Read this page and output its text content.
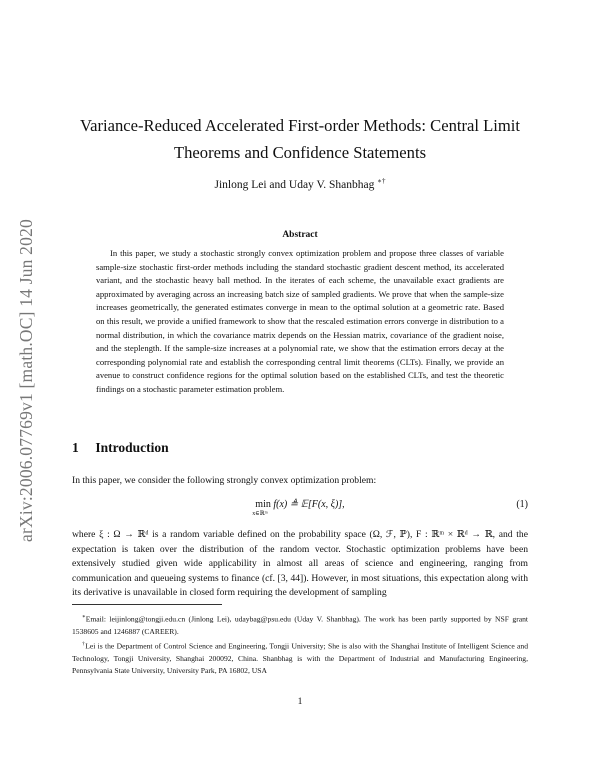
arXiv:2006.07769v1 [math.OC] 14 Jun 2020
Variance-Reduced Accelerated First-order Methods: Central Limit
Theorems and Confidence Statements
Jinlong Lei and Uday V. Shanbhag ∗†
Abstract

In this paper, we study a stochastic strongly convex optimization problem and propose three classes of variable sample-size stochastic first-order methods including the standard stochastic gradient descent method, its accelerated variant, and the stochastic heavy ball method. In the iterates of each scheme, the unavailable exact gradients are approximated by averaging across an increasing batch size of sampled gradients. We prove that when the sample-size increases geometrically, the generated estimates converge in mean to the optimal solution at a geometric rate. Based on this result, we provide a unified framework to show that the rescaled estimation errors converge in distribution to a normal distribution, in which the covariance matrix depends on the Hessian matrix, covariance of the gradient noise, and the steplength. If the sample-size increases at a polynomial rate, we show that the estimation errors decay at the corresponding polynomial rate and establish the corresponding central limit theorems (CLTs). Finally, we provide an avenue to construct confidence regions for the optimal solution based on the established CLTs, and test the theoretic findings on a stochastic parameter estimation problem.

1 Introduction

In this paper, we consider the following strongly convex optimization problem:

min
x∈ℝᵐ
f(x) ≜ 𝔼[F(x, ξ)],	(1)

where ξ : Ω → ℝᵈ is a random variable defined on the probability space (Ω, ℱ, ℙ), F : ℝᵐ × ℝᵈ → ℝ, and the expectation is taken over the distribution of the random vector. Stochastic optimization problems have been extensively studied given wide applicability in almost all areas of science and engineering, ranging from communication and queueing systems to finance (cf. [3, 44]). However, in most situations, this expectation along with its derivative is unavailable in closed form requiring the development of sampling

∗Email: leijinlong@tongji.edu.cn (Jinlong Lei), udaybag@psu.edu (Uday V. Shanbhag). The work has been partly supported by NSF grant 1538605 and 1246887 (CAREER).

†Lei is the Department of Control Science and Engineering, Tongji University; She is also with the Shanghai Institute of Intelligent Science and Technology, Tongji University, Shanghai 200092, China. Shanbhag is with the Department of Industrial and Manufacturing Engineering, Pennsylvania State University, University Park, PA 16802, USA

1
